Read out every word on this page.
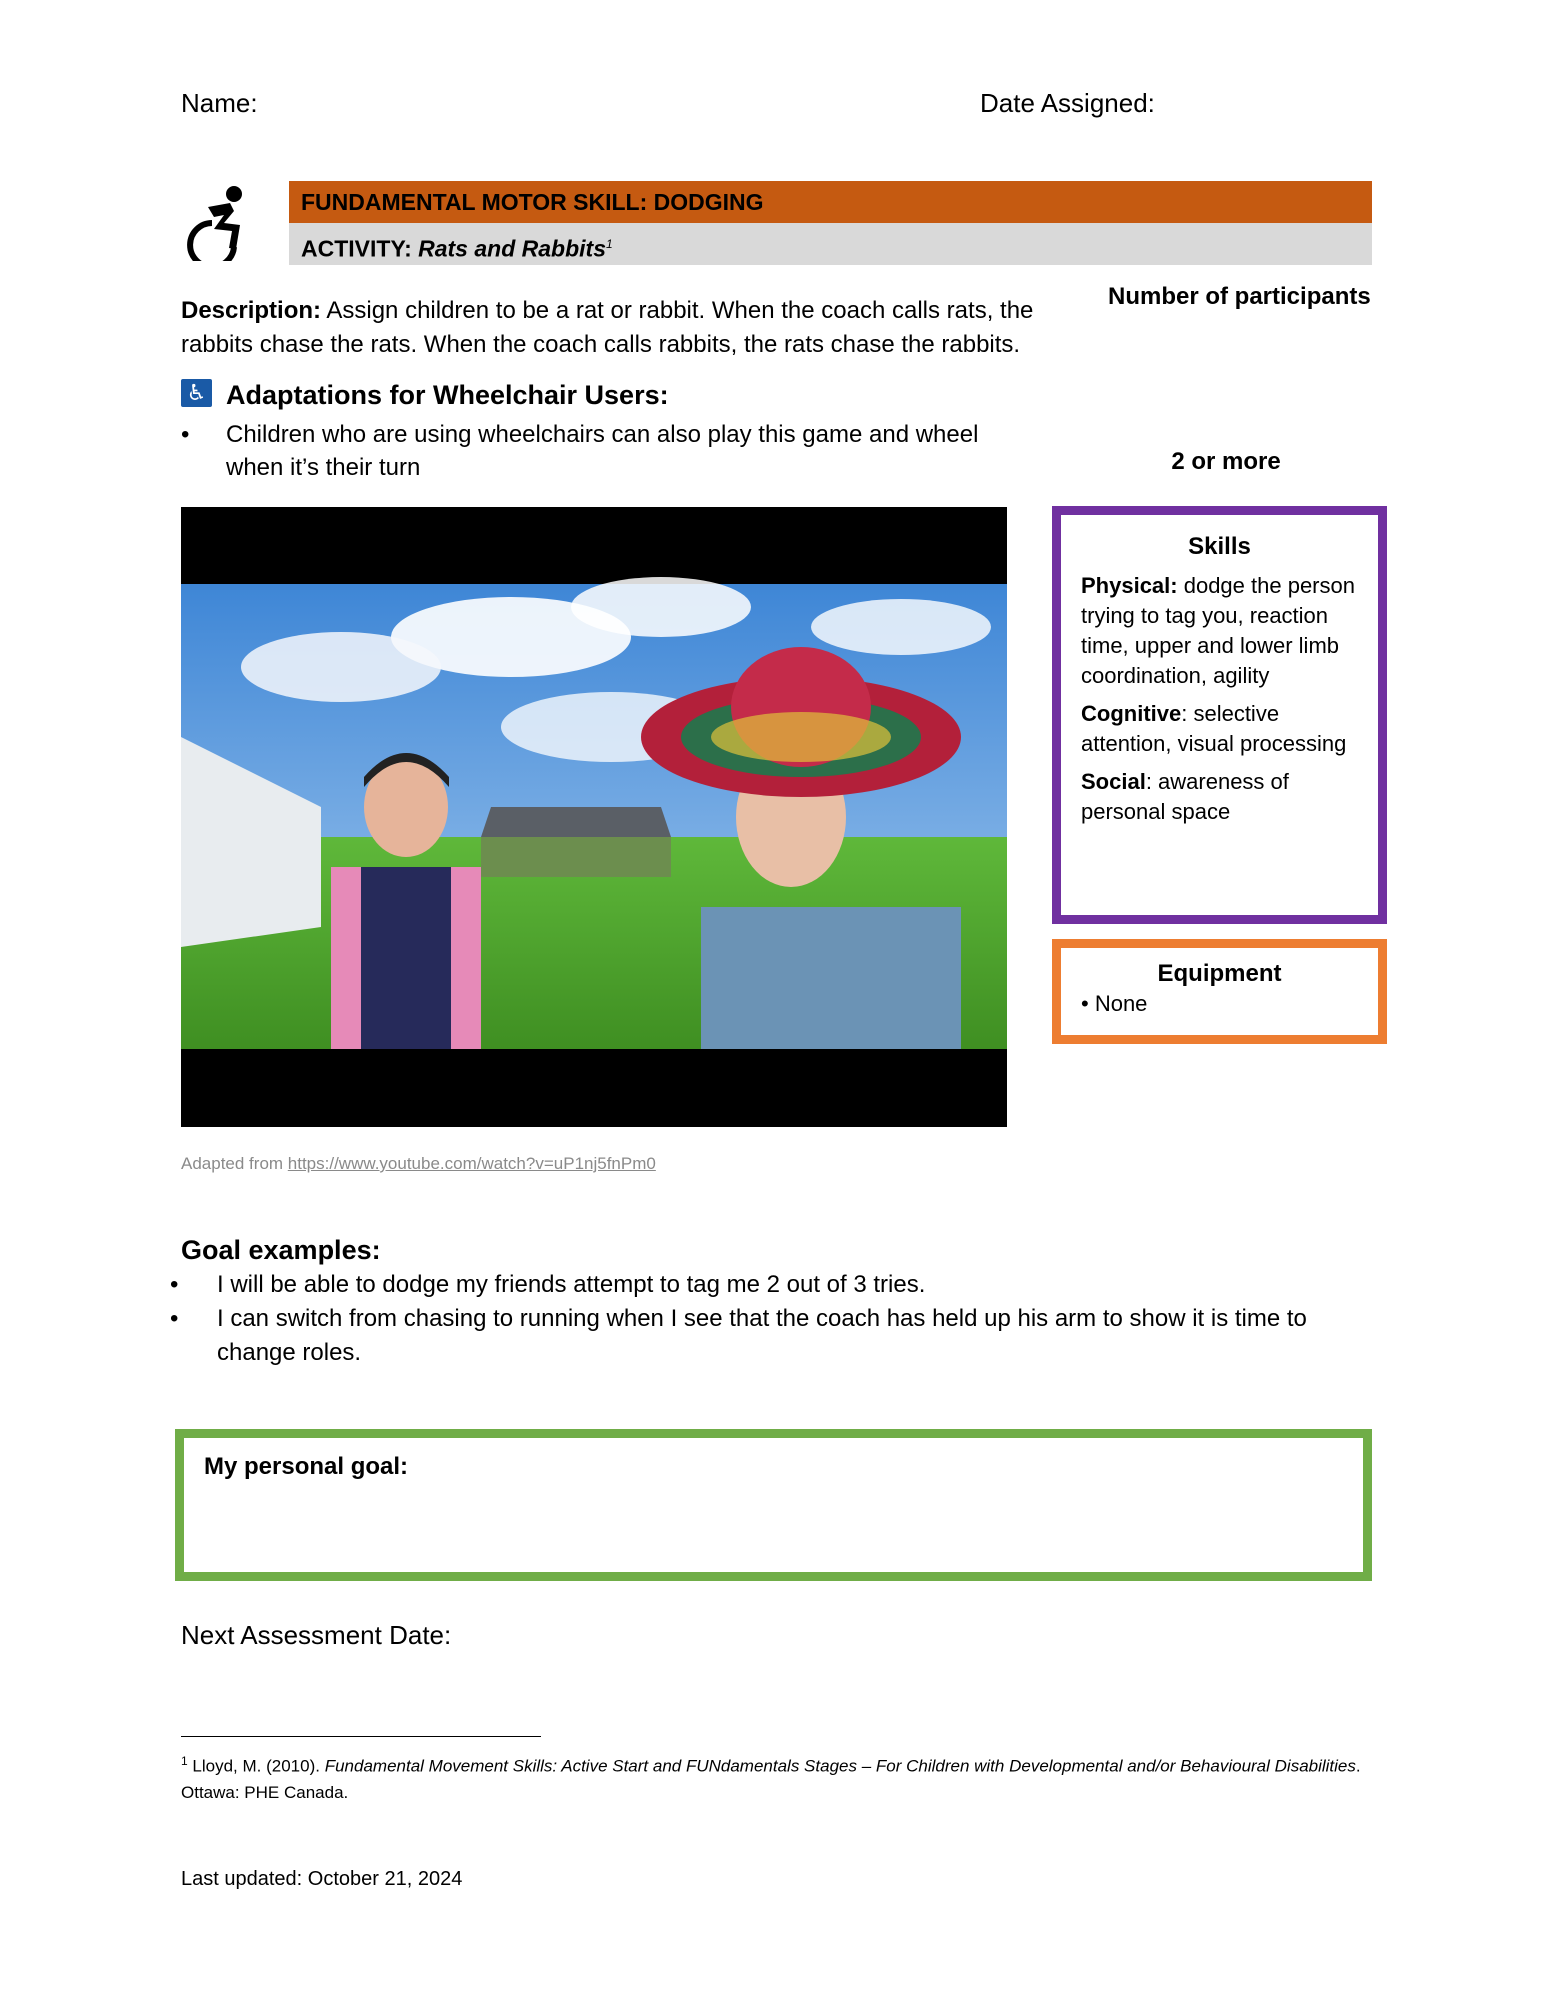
Name:	Date Assigned:
FUNDAMENTAL MOTOR SKILL: DODGING
ACTIVITY: Rats and Rabbits$^1$
Description: Assign children to be a rat or rabbit. When the coach calls rats, the rabbits chase the rats. When the coach calls rabbits, the rats chase the rabbits.
Number of participants
2 or more
♿ Adaptations for Wheelchair Users:
• Children who are using wheelchairs can also play this game and wheel when it’s their turn
Adapted from https://www.youtube.com/watch?v=uP1nj5fnPm0
Skills

Physical: dodge the person trying to tag you, reaction time, upper and lower limb coordination, agility

Cognitive: selective attention, visual processing

Social: awareness of personal space

Equipment
• None
Goal examples:
• I will be able to dodge my friends attempt to tag me 2 out of 3 tries.
• I can switch from chasing to running when I see that the coach has held up his arm to show it is time to change roles.
My personal goal:
Next Assessment Date:
$^1$ Lloyd, M. (2010). Fundamental Movement Skills: Active Start and FUNdamentals Stages – For Children with Developmental and/or Behavioural Disabilities. Ottawa: PHE Canada.
Last updated: October 21, 2024
